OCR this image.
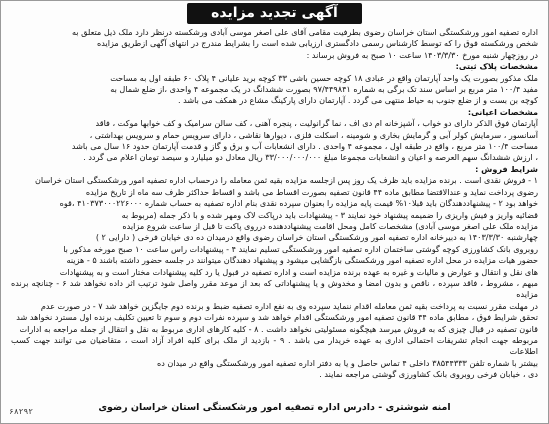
آگهی تجدید مزایده

اداره تصفیه امور ورشکستگی استان خراسان رضوی بطرفیت مقامی آقای علی اصغر موسی آبادی ورشکسته درنظر دارد ملک ذیل متعلق به

شخص ورشکسته فوق را که توسط کارشناس رسمی دادگستری ارزیابی شده است را بشرایط مندرج در انتهای آگهی ازطریق مزایده

در روزچهار شنبه مورخ ۱۴۰۳/۳/۳۰ ساعت ۱۰ صبح به فروش برساند :

مشخصات پلاک ثبتی:

ملک مذکور بصورت یک واحد آپارتمان واقع در عبادی ۱۸ کوچه حسین باشی ۳۳ کوچه برید علیانی ۴ پلاک ۶۰ طبقه اول به مساحت

مفید ۱۰۰/۴ متر مربع بر اساس سند تک برگی به شماره ۹۷/۴۴۹۸۴۱ بصورت ششدانگ در یک مجموعه ۴ واحدی ،از ضلع شمال به

کوچه بن بست و از ضلع جنوب به حیاط منتهی می گردد . آپارتمان دارای پارکینگ مشاع در همکف می باشد .

مشخصات اعیانی:

آپارتمان فوق الذکر دارای دو خواب ، آشپزخانه ام دی اف ، نما گرانولیت ، پنجره آهنی ، کف سالن سرامیک و کف خوابها موکت ، فاقد

آسانسور ، سرمایش کولر آبی و گرمایش بخاری و شومینه ، اسکلت فلزی ، دیوارها نقاشی ، دارای سرویس حمام و سرویس بهداشتی ،

مساحت ۱۰۰/۴ متر مربع ، واقع در طبقه اول ، مجموعه ۴ واحدی . دارای انشعابات آب و برق و گاز و قدمت آپارتمان حدود ۱۶ سال می باشد

، ارزش ششدانگ سهم العرصه و اعیان و انشعابات مجموعا مبلغ ۳۳/۰۰۰/۰۰۰/۰۰۰ ریال معادل دو میلیارد و سیصد تومان اعلام می گردد .

شرایط فروش :

۱ - فروش نقدی است . برنده مزایده باید ظرف یک روز پس ازجلسه مزایده بقیه ثمن معامله را درحساب اداره تصفیه امور ورشکستگی استان خراسان

رضوی پرداخت نماید و عندالاقتضا مطابق ماده ۴۴ قانون تصفیه بصورت اقساط می باشد و اقساط حداکثر ظرف سه ماه از تاریخ مزایده

خواهد بود ۲ - پیشنهاددهندگان باید قبلا۱۰% قیمت پایه مزایده را بعنوان سپرده نقدی بنام اداره تصفیه به حساب شماره ۴۱۰۳۷۳۰۰۰۲۲۶۰۰۰ ،قوه

قضائیه واریز و فیش واریزی را ضمیمه پیشنهاد خود نمایند ۳ - پیشنهادات باید درپاکت لاک ومهر شده و با ذکر جمله (مربوط به

مزایده ملک علی اصغر موسی آبادی) مشخصات کامل ومحل اقامت پیشنهاددهنده درروی پاکت تا قبل از ساعت شروع مزایده

چهارشنبه ۱۴۰۳/۳/۳۰ به دبیرخانه اداره تصفیه امور ورشکستگی استان خراسان رضوی واقع درمیدان ده دی خیابان فرخی ( دارایی ۲ )

روبروی بانک کشاورزی کوچه گوشتی ساختمان اداره تصفیه امور ورشکستگی تسلیم نمایند ۴ - پیشنهادات راس ساعت ۱۰ صبح مورخه مذکور با

حضور هیات مزایده در محل اداره تصفیه امور ورشکستگی بازگشایی میشود و پیشنهاد دهندگان میتوانند در جلسه حضور داشته باشند ۵ - هزینه

های نقل و انتقال و عوارض و مالیات و غیره به عهده برنده مزایده است و اداره تصفیه در قبول یا رد کلیه پیشنهادات مختار است و به پیشنهادات

مبهم ، مشروط ، فاقد سپرده ، ناقص و بدون امضا و مخدوش و یا پیشنهاداتی که بعد از موعد مقرر واصل شود ترتیب اثر داده نخواهد شد ۶ - چنانچه برنده مزایده

در مهلت مقرر نسبت به پرداخت بقیه ثمن معامله اقدام ننماید سپرده وی به نفع اداره تصفیه ضبط و برنده دوم جایگزین خواهد شد ۷ - در صورت عدم

تحقق شرایط فوق ، مطابق ماده ۴۴ قانون تصفیه امور ورشکستگی اقدام خواهد شد و سپرده نفرات دوم و سوم تا تعیین تکلیف برنده اول مسترد نخواهد شد

قانون تصفیه در قبال چیزی که به فروش میرسد هیچگونه مسئولیتی نخواهد داشت . ۸ - کلیه کارهای اداری مربوط به نقل و انتقال از جمله مراجعه به ادارات

مربوطه جهت انجام تشریفات احتمالی اداری به عهده خریدار می باشد . ۹ - بازدید از ملک برای کلیه افراد آزاد است ، متقاضیان می توانند جهت کسب اطلاعات

بیشتر با شماره تلفن ۳۸۵۴۴۳۳۳ داخلی ۴ تماس حاصل و یا به دفتر اداره تصفیه امور ورشکستگی واقع در میدان ده

دی ، خیابان فرخی روبروی بانک کشاورزی گوشتی مراجعه نمایند .

امنه شوشتری - دادرس اداره تصفیه امور ورشکستگی استان خراسان رضوی
۶۸۲۹۲
